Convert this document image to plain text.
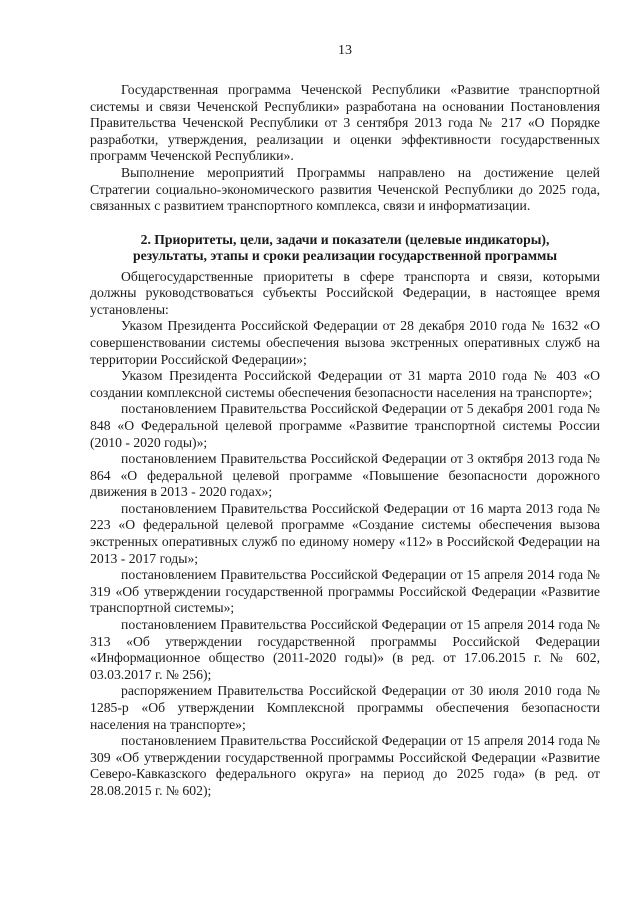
13

Государственная программа Чеченской Республики «Развитие транспортной системы и связи Чеченской Республики» разработана на основании Постановления Правительства Чеченской Республики от 3 сентября 2013 года № 217 «О Порядке разработки, утверждения, реализации и оценки эффективности государственных программ Чеченской Республики».

Выполнение мероприятий Программы направлено на достижение целей Стратегии социально-экономического развития Чеченской Республики до 2025 года, связанных с развитием транспортного комплекса, связи и информатизации.

2. Приоритеты, цели, задачи и показатели (целевые индикаторы),
результаты, этапы и сроки реализации государственной программы

Общегосударственные приоритеты в сфере транспорта и связи, которыми должны руководствоваться субъекты Российской Федерации, в настоящее время установлены:

Указом Президента Российской Федерации от 28 декабря 2010 года № 1632 «О совершенствовании системы обеспечения вызова экстренных оперативных служб на территории Российской Федерации»;

Указом Президента Российской Федерации от 31 марта 2010 года № 403 «О создании комплексной системы обеспечения безопасности населения на транспорте»;

постановлением Правительства Российской Федерации от 5 декабря 2001 года № 848 «О Федеральной целевой программе «Развитие транспортной системы России (2010 - 2020 годы)»;

постановлением Правительства Российской Федерации от 3 октября 2013 года № 864 «О федеральной целевой программе «Повышение безопасности дорожного движения в 2013 - 2020 годах»;

постановлением Правительства Российской Федерации от 16 марта 2013 года № 223 «О федеральной целевой программе «Создание системы обеспечения вызова экстренных оперативных служб по единому номеру «112» в Российской Федерации на 2013 - 2017 годы»;

постановлением Правительства Российской Федерации от 15 апреля 2014 года № 319 «Об утверждении государственной программы Российской Федерации «Развитие транспортной системы»;

постановлением Правительства Российской Федерации от 15 апреля 2014 года № 313 «Об утверждении государственной программы Российской Федерации «Информационное общество (2011-2020 годы)» (в ред. от 17.06.2015 г. № 602, 03.03.2017 г. № 256);

распоряжением Правительства Российской Федерации от 30 июля 2010 года № 1285-р «Об утверждении Комплексной программы обеспечения безопасности населения на транспорте»;

постановлением Правительства Российской Федерации от 15 апреля 2014 года № 309 «Об утверждении государственной программы Российской Федерации «Развитие Северо-Кавказского федерального округа» на период до 2025 года» (в ред. от 28.08.2015 г. № 602);
